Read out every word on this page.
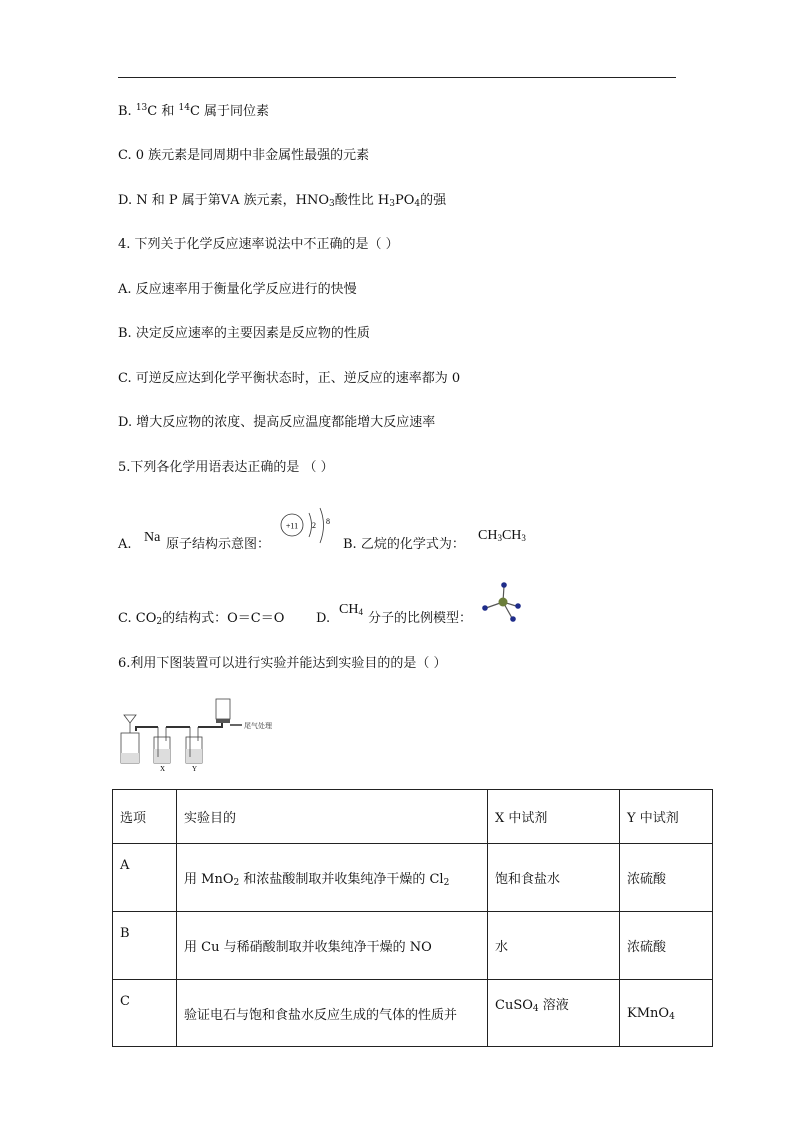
B. $^{13}$C 和 $^{14}$C 属于同位素
C. 0 族元素是同周期中非金属性最强的元素
D. N 和 P 属于第ⅤA 族元素，$HNO_3$酸性比 $H_3PO_4$的强
4. 下列关于化学反应速率说法中不正确的是（ ）
A. 反应速率用于衡量化学反应进行的快慢
B. 决定反应速率的主要因素是反应物的性质
C. 可逆反应达到化学平衡状态时，正、逆反应的速率都为 0
D. 增大反应物的浓度、提高反应温度都能增大反应速率
5.下列各化学用语表达正确的是 （ ）
A. Na 原子结构示意图：
+11 2 8
B. 乙烷的化学式为：
$CH_3CH_3$
C. $CO_2$的结构式：O＝C＝O D.
$CH_4$ 分子的比例模型：
6.利用下图装置可以进行实验并能达到实验目的的是（ ）
尾气处理
X	Y
选项	实验目的	X 中试剂	Y 中试剂
A	用 MnO$_2$ 和浓盐酸制取并收集纯净干燥的 $Cl_2$	饱和食盐水	浓硫酸
B	用 Cu 与稀硝酸制取并收集纯净干燥的 NO	水	浓硫酸
C	验证电石与饱和食盐水反应生成的气体的性质并	CuSO$_4$ 溶液	KMnO$_4$
